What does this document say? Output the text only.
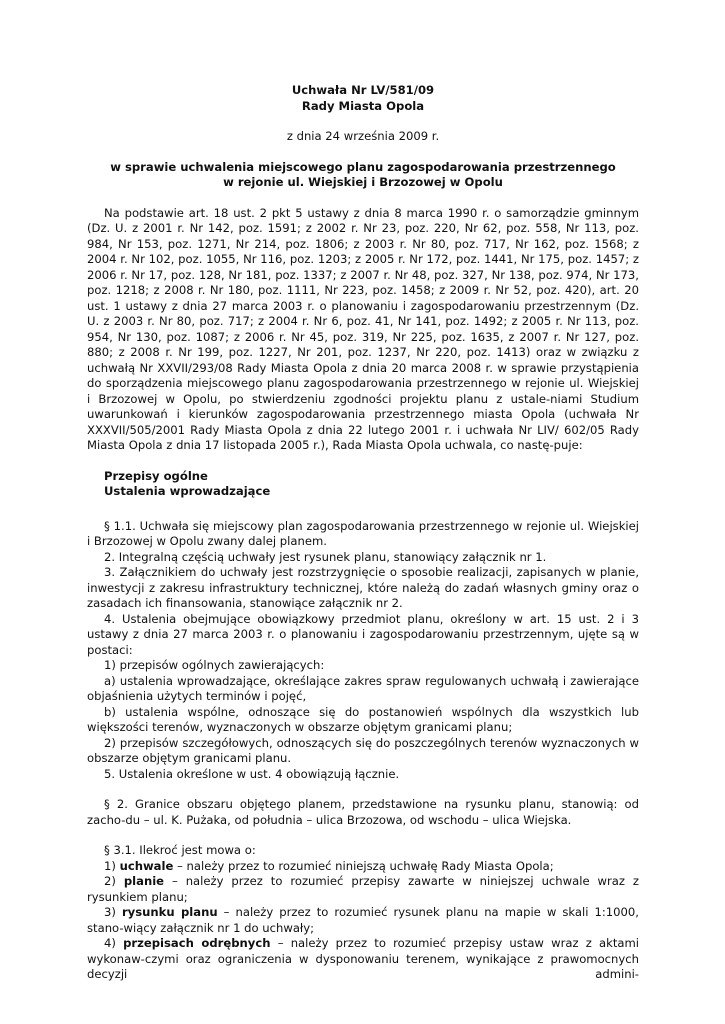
Uchwała Nr LV/581/09

Rady Miasta Opola

z dnia 24 września 2009 r.

w sprawie uchwalenia miejscowego planu zagospodarowania przestrzennego

w rejonie ul. Wiejskiej i Brzozowej w Opolu

Na podstawie art. 18 ust. 2 pkt 5 ustawy z dnia 8 marca 1990 r. o samorządzie gminnym (Dz. U. z 2001 r. Nr 142, poz. 1591; z 2002 r. Nr 23, poz. 220, Nr 62, poz. 558, Nr 113, poz. 984, Nr 153, poz. 1271, Nr 214, poz. 1806; z 2003 r. Nr 80, poz. 717, Nr 162, poz. 1568; z 2004 r. Nr 102, poz. 1055, Nr 116, poz. 1203; z 2005 r. Nr 172, poz. 1441, Nr 175, poz. 1457; z 2006 r. Nr 17, poz. 128, Nr 181, poz. 1337; z 2007 r. Nr 48, poz. 327, Nr 138, poz. 974, Nr 173, poz. 1218; z 2008 r. Nr 180, poz. 1111, Nr 223, poz. 1458; z 2009 r. Nr 52, poz. 420), art. 20 ust. 1 ustawy z dnia 27 marca 2003 r. o planowaniu i zagospodarowaniu przestrzennym (Dz. U. z 2003 r. Nr 80, poz. 717; z 2004 r. Nr 6, poz. 41, Nr 141, poz. 1492; z 2005 r. Nr 113, poz. 954, Nr 130, poz. 1087; z 2006 r. Nr 45, poz. 319, Nr 225, poz. 1635, z 2007 r. Nr 127, poz. 880; z 2008 r. Nr 199, poz. 1227, Nr 201, poz. 1237, Nr 220, poz. 1413) oraz w związku z uchwałą Nr XXVII/293/08 Rady Miasta Opola z dnia 20 marca 2008 r. w sprawie przystąpienia do sporządzenia miejscowego planu zagospodarowania przestrzennego w rejonie ul. Wiejskiej i Brzozowej w Opolu, po stwierdzeniu zgodności projektu planu z ustale-niami Studium uwarunkowań i kierunków zagospodarowania przestrzennego miasta Opola (uchwała Nr XXXVII/505/2001 Rady Miasta Opola z dnia 22 lutego 2001 r. i uchwała Nr LIV/ 602/05 Rady Miasta Opola z dnia 17 listopada 2005 r.), Rada Miasta Opola uchwala, co nastę-puje:

Przepisy ogólne

Ustalenia wprowadzające

§ 1.1. Uchwała się miejscowy plan zagospodarowania przestrzennego w rejonie ul. Wiejskiej i Brzozowej w Opolu zwany dalej planem.

2. Integralną częścią uchwały jest rysunek planu, stanowiący załącznik nr 1.

3. Załącznikiem do uchwały jest rozstrzygnięcie o sposobie realizacji, zapisanych w planie, inwestycji z zakresu infrastruktury technicznej, które należą do zadań własnych gminy oraz o zasadach ich finansowania, stanowiące załącznik nr 2.

4. Ustalenia obejmujące obowiązkowy przedmiot planu, określony w art. 15 ust. 2 i 3 ustawy z dnia 27 marca 2003 r. o planowaniu i zagospodarowaniu przestrzennym, ujęte są w postaci:

1) przepisów ogólnych zawierających:

a) ustalenia wprowadzające, określające zakres spraw regulowanych uchwałą i zawierające objaśnienia użytych terminów i pojęć,

b) ustalenia wspólne, odnoszące się do postanowień wspólnych dla wszystkich lub większości terenów, wyznaczonych w obszarze objętym granicami planu;

2) przepisów szczegółowych, odnoszących się do poszczególnych terenów wyznaczonych w obszarze objętym granicami planu.

5. Ustalenia określone w ust. 4 obowiązują łącznie.

§ 2. Granice obszaru objętego planem, przedstawione na rysunku planu, stanowią: od zacho-du – ul. K. Pużaka, od południa – ulica Brzozowa, od wschodu – ulica Wiejska.

§ 3.1. Ilekroć jest mowa o:

1) uchwale – należy przez to rozumieć niniejszą uchwałę Rady Miasta Opola;

2) planie – należy przez to rozumieć przepisy zawarte w niniejszej uchwale wraz z rysunkiem planu;

3) rysunku planu – należy przez to rozumieć rysunek planu na mapie w skali 1:1000, stano-wiący załącznik nr 1 do uchwały;

4) przepisach odrębnych – należy przez to rozumieć przepisy ustaw wraz z aktami wykonaw-czymi oraz ograniczenia w dysponowaniu terenem, wynikające z prawomocnych decyzji admini-
